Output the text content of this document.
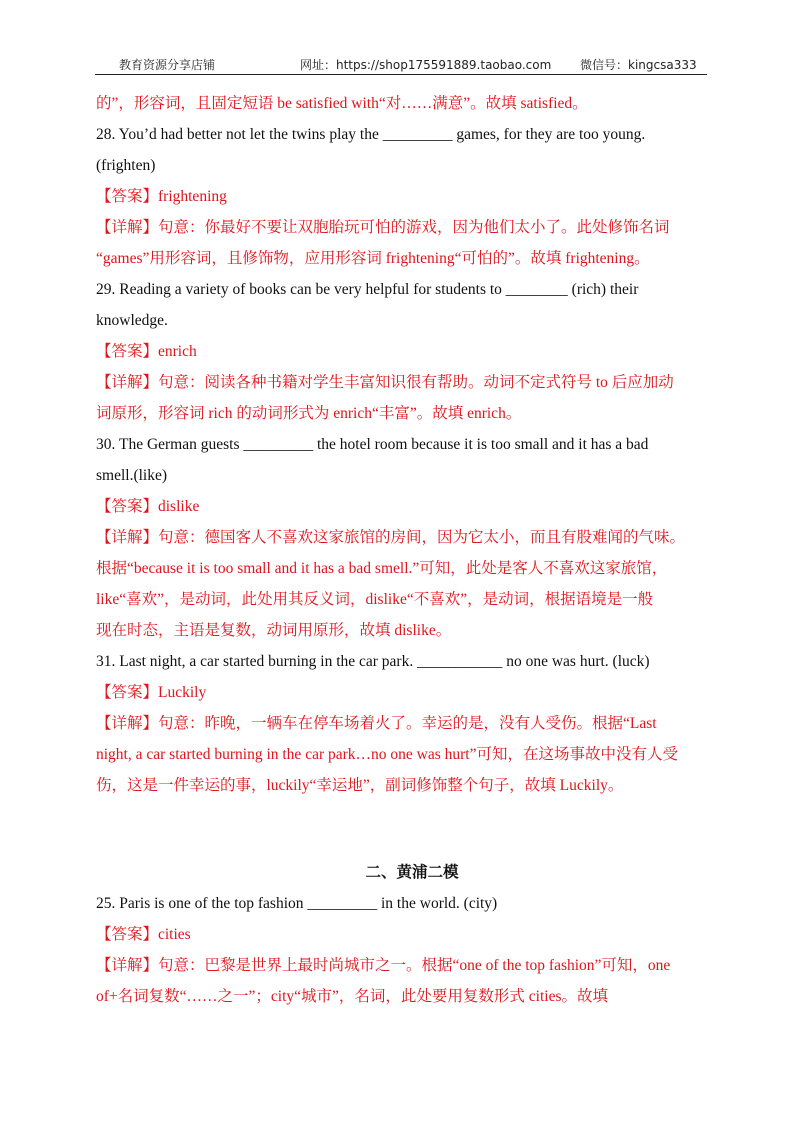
教育资源分享店铺	网址：https://shop175591889.taobao.com 微信号：kingcsa333
的”，形容词，且固定短语 be satisfied with“对……满意”。故填 satisfied。
28. You’d had better not let the twins play the _________ games, for they are too young.
(frighten)
【答案】frightening
【详解】句意：你最好不要让双胞胎玩可怕的游戏，因为他们太小了。此处修饰名词
“games”用形容词，且修饰物，应用形容词 frightening“可怕的”。故填 frightening。
29. Reading a variety of books can be very helpful for students to ________ (rich) their
knowledge.
【答案】enrich
【详解】句意：阅读各种书籍对学生丰富知识很有帮助。动词不定式符号 to 后应加动
词原形，形容词 rich 的动词形式为 enrich“丰富”。故填 enrich。
30. The German guests _________ the hotel room because it is too small and it has a bad
smell.(like)
【答案】dislike
【详解】句意：德国客人不喜欢这家旅馆的房间，因为它太小，而且有股难闻的气味。
根据“because it is too small and it has a bad smell.”可知，此处是客人不喜欢这家旅馆，
like“喜欢”，是动词，此处用其反义词，dislike“不喜欢”，是动词，根据语境是一般
现在时态，主语是复数，动词用原形，故填 dislike。
31. Last night, a car started burning in the car park. ___________ no one was hurt. (luck)
【答案】Luckily
【详解】句意：昨晚，一辆车在停车场着火了。幸运的是，没有人受伤。根据“Last
night, a car started burning in the car park…no one was hurt”可知，在这场事故中没有人受
伤，这是一件幸运的事，luckily“幸运地”，副词修饰整个句子，故填 Luckily。
二、黄浦二模
25. Paris is one of the top fashion _________ in the world. (city)
【答案】cities
【详解】句意：巴黎是世界上最时尚城市之一。根据“one of the top fashion”可知，one
of+名词复数“……之一”；city“城市”，名词，此处要用复数形式 cities。故填
